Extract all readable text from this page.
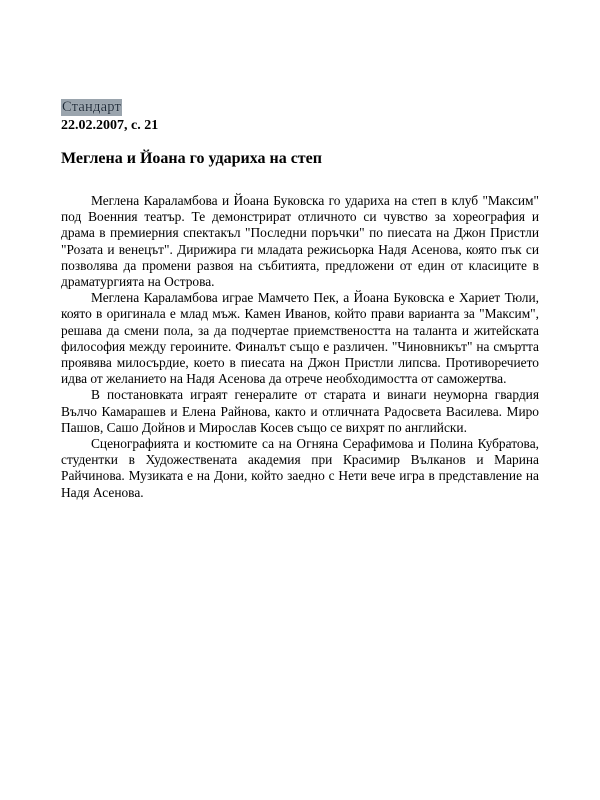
Стандарт
22.02.2007, с. 21
Меглена и Йоана го удариха на степ

Меглена Карaламбова и Йоана Буковска го удариха на степ в клуб "Максим" под Военния театър. Те демонстрират отличното си чувство за хореография и драма в премиерния спектакъл "Последни поръчки" по пиесата на Джон Пристли "Розата и венецът". Дирижира ги младата режисьорка Надя Асенова, която пък си позволява да промени развоя на събитията, предложени от един от класиците в драматургията на Острова.

Меглена Караламбова играе Мамчето Пек, а Йоана Буковска е Хариет Тюли, която в оригинала е млад мъж. Камен Иванов, който прави варианта за "Максим", решава да смени пола, за да подчертае приемствеността на таланта и житейската философия между героините. Финалът също е различен. "Чиновникът" на смъртта проявява милосърдие, което в пиесата на Джон Пристли липсва. Противоречието идва от желанието на Надя Асенова да отрече необходимостта от саможертва.

В постановката играят генералите от старата и винаги неуморна гвардия Вълчо Камарашев и Елена Райнова, както и отличната Радосвета Василева. Миро Пашов, Сашо Дойнов и Мирослав Косев също се вихрят по английски.

Сценографията и костюмите са на Огняна Серафимова и Полина Кубратова, студентки в Художествената академия при Красимир Вълканов и Марина Райчинова. Музиката е на Дони, който заедно с Нети вече игра в представление на Надя Асенова.
